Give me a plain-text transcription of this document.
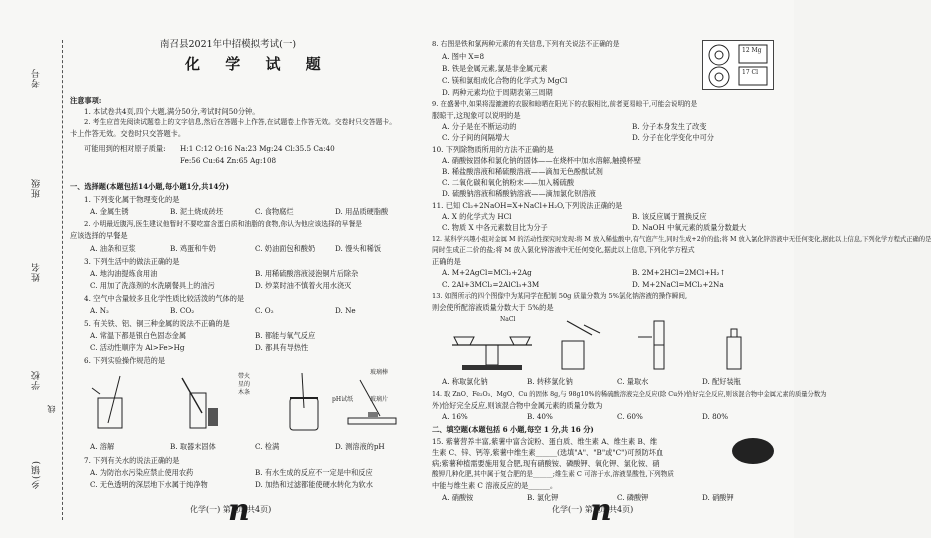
考号
班级
姓名
学校
乡(镇)
线
南召县2021年中招模拟考试(一)
化 学 试 题
注意事项:
1. 本试卷共4页,四个大题,满分50分,考试时间50分钟。
2. 考生应首先阅读试题卷上的文字信息,然后在答题卡上作答,在试题卷上作答无效。交卷时只交答题卡。
卡上作答无效。交卷时只交答题卡。
可能用到的相对原子质量: H:1 C:12 O:16 Na:23 Mg:24 Cl:35.5 Ca:40
Fe:56 Cu:64 Zn:65 Ag:108
一、选择题(本题包括14小题,每小题1分,共14分)
1. 下列变化属于物理变化的是
A. 金属生锈	B. 泥土烧成砖坯	C. 食物腐烂	D. 用品质硬脂酸
2. 小明最近腹泻,医生建议他暂时不要吃富含蛋白质和油脂的食物,你认为他应该选择的早餐是
应该选择的早餐是
A. 油条和豆浆	B. 鸡蛋和牛奶	C. 奶油面包和酸奶	D. 馒头和稀饭
3. 下列生活中的做法正确的是
A. 地沟油提炼食用油	B. 用稀硫酸溶液浸泡铜片后除杂
C. 用加了洗涤剂的水洗刷餐具上的油污	D. 炒菜时油不慎着火用水浇灭
4. 空气中含量较多且化学性质比较活泼的气体的是
A. N₂	B. CO₂	C. O₂	D. Ne
5. 有关铁、铝、铜三种金属的说法不正确的是
A. 常温下都是银白色固态金属	B. 都能与氧气反应
C. 活动性顺序为 Al>Fe>Hg	D. 都具有导热性
6. 下列实验操作规范的是
带火
星的
木条
玻璃棒
pH试纸	玻璃片
A. 溶解	B. 取器末固体	C. 检满	D. 测溶液的pH
7. 下列有关水的说法正确的是
A. 为防治水污染应禁止使用农药	B. 有水生成的反应不一定是中和反应
C. 无色透明的深层地下水属于纯净物	D. 加热和过滤都能使硬水转化为软水
化学(一) 第1页(共4页)
n
8. 右图是铁和氯两种元素的有关信息,下列有关说法不正确的是
A. 图中 X=8
B. 铁是金属元素,氯是非金属元素
C. 镁和氯组成化合物的化学式为 MgCl
D. 两种元素均位于周期表第三周期
12 Mg
17 Cl
9. 在盛暑中,如果将湿漉漉的衣服和晾晒在阳光下的衣服相比,前者更易晾干,可能会说明的是
服晾干,这现象可以说明的是
A. 分子是在不断运动的	B. 分子本身发生了改变
C. 分子间的间隔增大	D. 分子在化学变化中可分
10. 下列除物质所用的方法不正确的是
A. 硝酸铵固体和氯化钠的固体——在烧杯中加水溶解,触摸杯壁
B. 稀盐酸溶液和稀硫酸溶液——滴加无色酚酞试剂
C. 二氧化碳和氧化钠粉末——加入稀硫酸
D. 硫酸钠溶液和稀酸钠溶液——滴加氯化钡溶液
11. 已知 Cl₂+2NaOH=X+NaCl+H₂O,下列说法正确的是
A. X 的化学式为 HCl	B. 该反应属于置换反应
C. 物质 X 中各元素数目比为分子	D. NaOH 中氧元素的质量分数最大
12. 某科学兴趣小组对金属 M 的活动性探究时发现:将 M 放入稀盐酸中,有气泡产生,同时生成+2价的盐;将 M 放入氯化锌溶液中无任何变化,据此以上信息,下列化学方程式正确的是
同时生成正二价的盐;将 M 放入氯化锌溶液中无任何变化,据此以上信息,下列化学方程式
正确的是
A. M+2AgCl=MCl₂+2Ag	B. 2M+2HCl=2MCl+H₂↑
C. 2Al+3MCl₂=2AlCl₃+3M	D. M+2NaCl=MCl₂+2Na
13. 如图所示的四个图像中为某同学在配制 50g 质量分数为 5%氯化钠溶液的操作瞬间,
则会使所配溶液质量分数大于 5%的是
NaCl
A. 称取氯化钠	B. 转移氯化钠	C. 量取水	D. 配好装瓶
14. 取 ZnO、Fe₂O₃、MgO、Cu 的固体 8g,与 98g10%的稀硫酸溶液完全反应(除 Cu外)恰好完全反应,则该混合物中金属元素的质量分数为
外)恰好完全反应,则该混合物中金属元素的质量分数为
A. 16%	B. 40%	C. 60%	D. 80%
二、填空题(本题包括 6 小题,每空 1 分,共 16 分)
15. 紫薯营养丰富,紫薯中富含淀粉、蛋白质、维生素 A、维生素 B、维
生素 C、锌、钙等,紫薯中维生素______(选填"A"、"B"或"C")可预防坏血
病;紫薯种植需要施用复合肥,现有硝酸铵、磷酸钾、氧化钾、氯化铵、硝
酸钾几种化肥,其中属于复合肥的是______;维生素 C 可溶于水,溶液显酸性,下列物质
中能与维生素 C 溶液反应的是______。
A. 硝酸铵	B. 氯化钾	C. 磷酸钾	D. 硝酸钾
化学(一) 第2页(共4页)
n
